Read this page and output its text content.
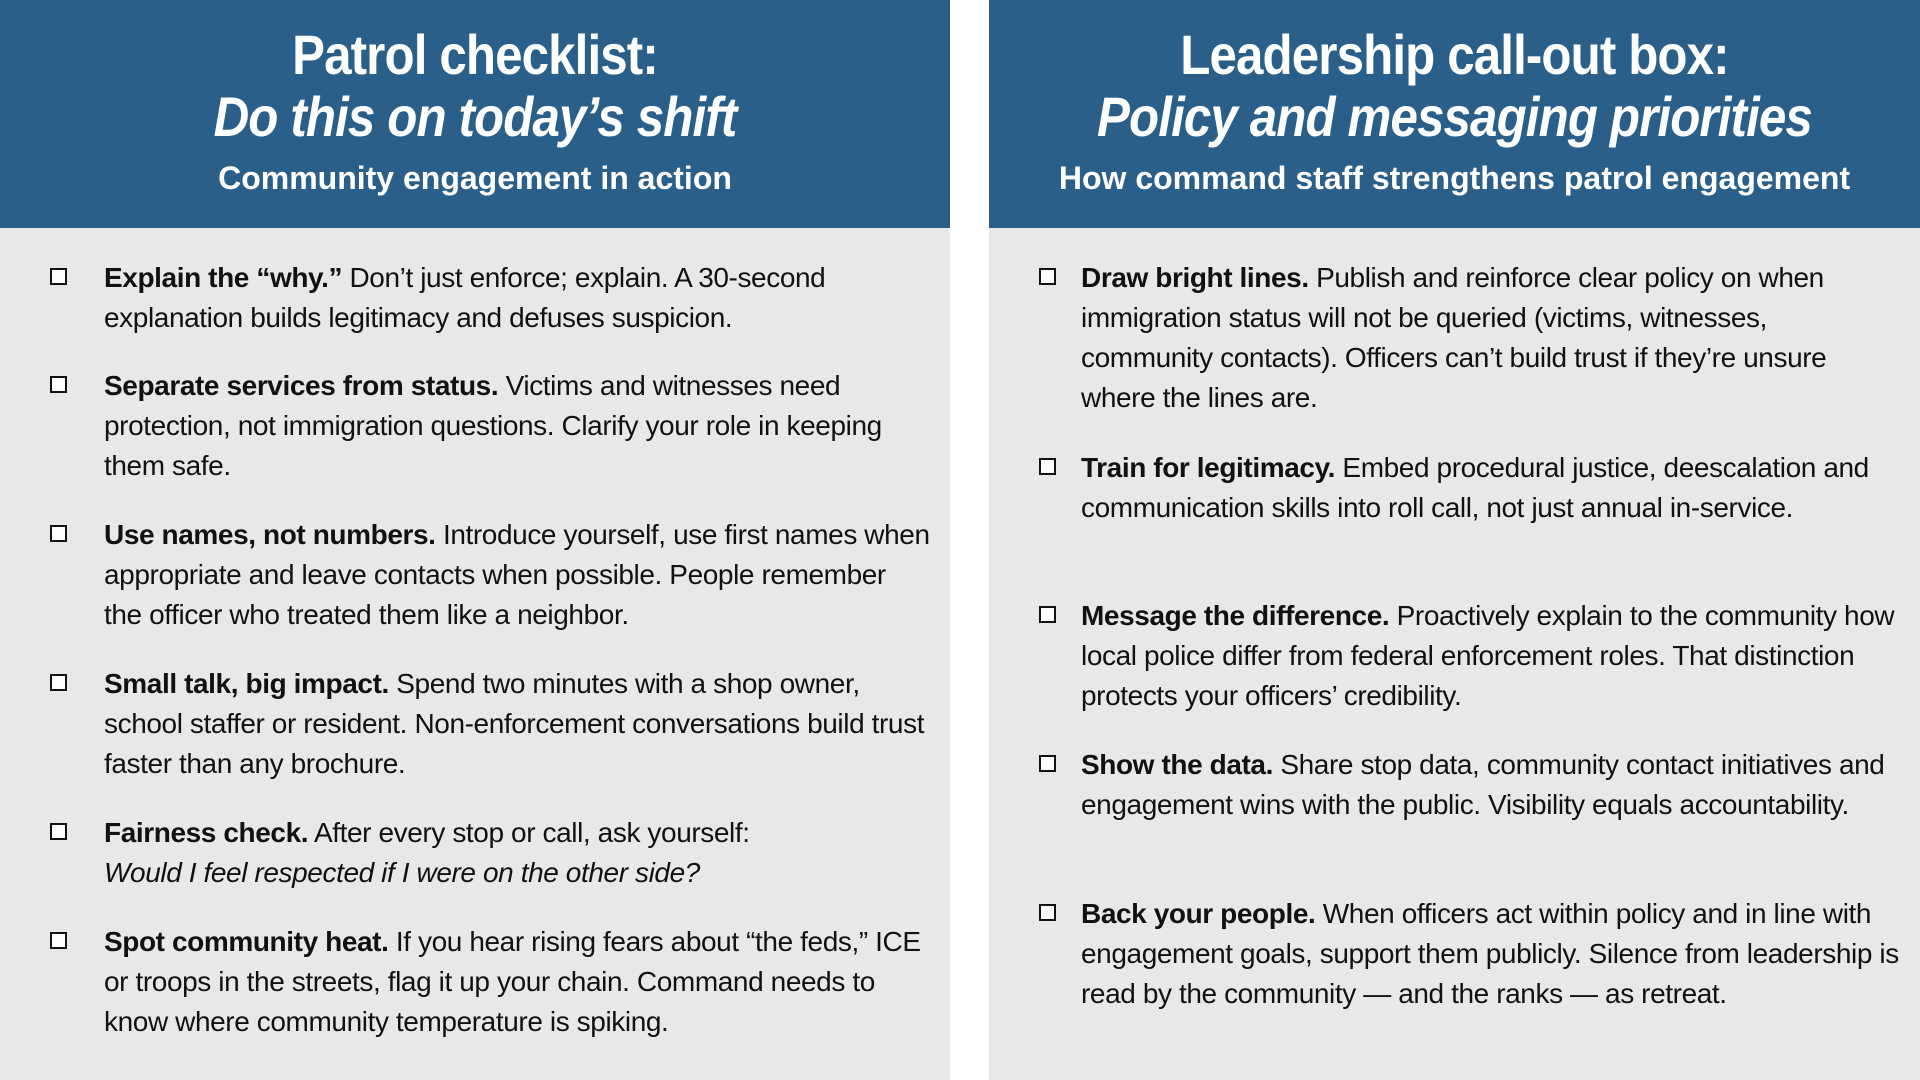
Patrol checklist:
Do this on today’s shift
Community engagement in action
Explain the “why.” Don’t just enforce; explain. A 30-second explanation builds legitimacy and defuses suspicion.
Separate services from status. Victims and witnesses need protection, not immigration questions. Clarify your role in keeping them safe.
Use names, not numbers. Introduce yourself, use first names when appropriate and leave contacts when possible. People remember the officer who treated them like a neighbor.
Small talk, big impact. Spend two minutes with a shop owner, school staffer or resident. Non-enforcement conversations build trust faster than any brochure.
Fairness check. After every stop or call, ask yourself:
Would I feel respected if I were on the other side?
Spot community heat. If you hear rising fears about “the feds,” ICE or troops in the streets, flag it up your chain. Command needs to know where community temperature is spiking.
Leadership call-out box:
Policy and messaging priorities
How command staff strengthens patrol engagement
Draw bright lines. Publish and reinforce clear policy on when immigration status will not be queried (victims, witnesses, community contacts). Officers can’t build trust if they’re unsure where the lines are.
Train for legitimacy. Embed procedural justice, deescalation and communication skills into roll call, not just annual in-service.
Message the difference. Proactively explain to the community how local police differ from federal enforcement roles. That distinction protects your officers’ credibility.
Show the data. Share stop data, community contact initiatives and engagement wins with the public. Visibility equals accountability.
Back your people. When officers act within policy and in line with engagement goals, support them publicly. Silence from leadership is read by the community — and the ranks — as retreat.
